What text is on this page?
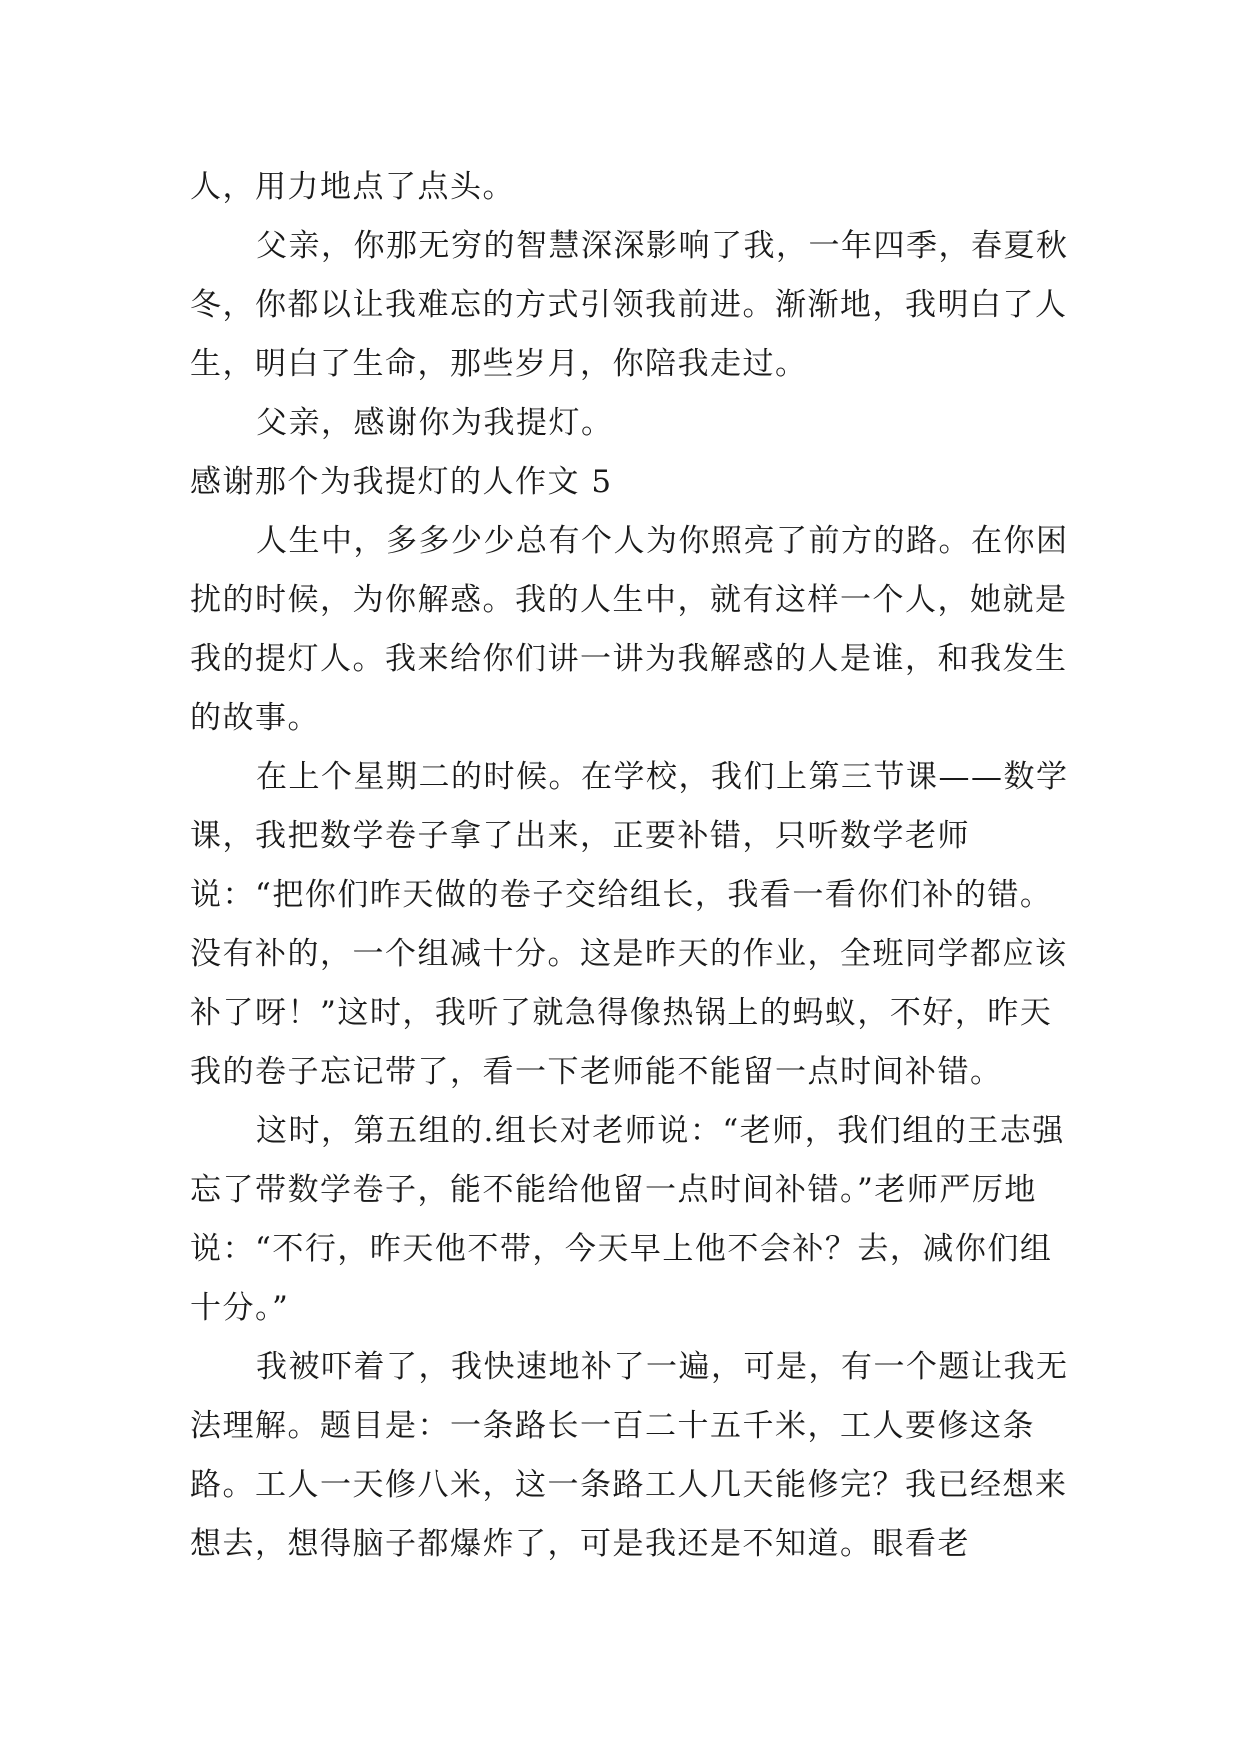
人，用力地点了点头。

父亲，你那无穷的智慧深深影响了我，一年四季，春夏秋冬，你都以让我难忘的方式引领我前进。渐渐地，我明白了人生，明白了生命，那些岁月，你陪我走过。

父亲，感谢你为我提灯。

感谢那个为我提灯的人作文 5

人生中，多多少少总有个人为你照亮了前方的路。在你困扰的时候，为你解惑。我的人生中，就有这样一个人，她就是我的提灯人。我来给你们讲一讲为我解惑的人是谁，和我发生的故事。

在上个星期二的时候。在学校，我们上第三节课——数学课，我把数学卷子拿了出来，正要补错，只听数学老师说：“把你们昨天做的卷子交给组长，我看一看你们补的错。没有补的，一个组减十分。这是昨天的作业，全班同学都应该补了呀！”这时，我听了就急得像热锅上的蚂蚁，不好，昨天我的卷子忘记带了，看一下老师能不能留一点时间补错。

这时，第五组的.组长对老师说：“老师，我们组的王志强忘了带数学卷子，能不能给他留一点时间补错。”老师严厉地说：“不行，昨天他不带，今天早上他不会补？去，减你们组十分。”

我被吓着了，我快速地补了一遍，可是，有一个题让我无法理解。题目是：一条路长一百二十五千米，工人要修这条路。工人一天修八米，这一条路工人几天能修完？我已经想来想去，想得脑子都爆炸了，可是我还是不知道。眼看老
